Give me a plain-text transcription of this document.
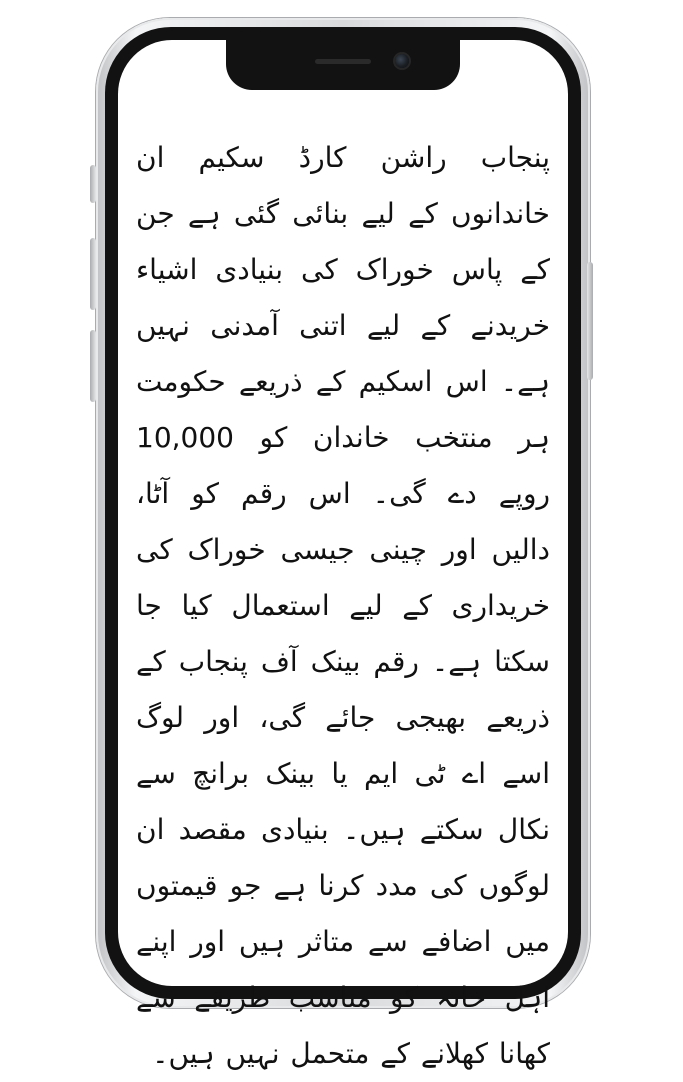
پنجاب راشن کارڈ سکیم ان خاندانوں کے لیے بنائی گئی ہے جن کے پاس خوراک کی بنیادی اشیاء خریدنے کے لیے اتنی آمدنی نہیں ہے۔ اس اسکیم کے ذریعے حکومت ہر منتخب خاندان کو 10,000 روپے دے گی۔ اس رقم کو آٹا، دالیں اور چینی جیسی خوراک کی خریداری کے لیے استعمال کیا جا سکتا ہے۔ رقم بینک آف پنجاب کے ذریعے بھیجی جائے گی، اور لوگ اسے اے ٹی ایم یا بینک برانچ سے نکال سکتے ہیں۔ بنیادی مقصد ان لوگوں کی مدد کرنا ہے جو قیمتوں میں اضافے سے متاثر ہیں اور اپنے اہل خانہ کو مناسب طریقے سے کھانا کھلانے کے متحمل نہیں ہیں۔
